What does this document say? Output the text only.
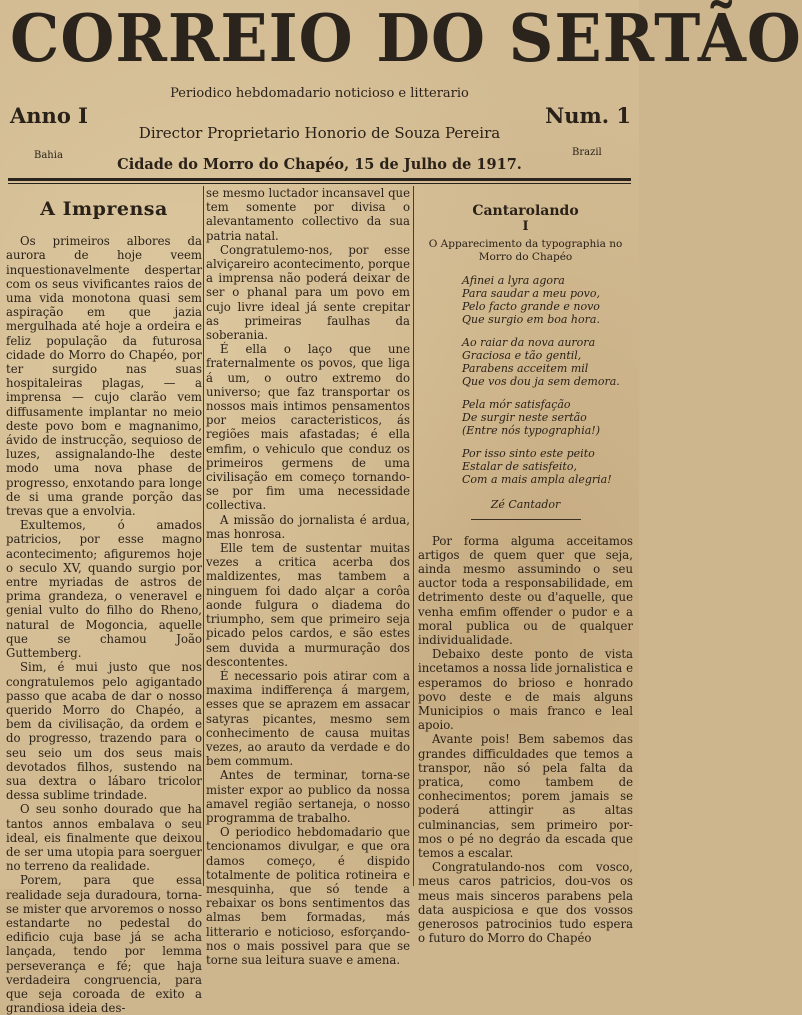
CORREIO DO SERTÃO
Periodico hebdomadario noticioso e litterario
Anno I	Num. 1
Director Proprietario Honorio de Souza Pereira
Bahia	Brazil
Cidade do Morro do Chapéo, 15 de Julho de 1917.
A Imprensa

Os primeiros albores da aurora de hoje veem inquestionavelmente despertar com os seus vivificantes raios de uma vida monotona quasi sem aspiração em que jazia mergulhada até hoje a ordeira e feliz população da futurosa cidade do Morro do Chapéo, por ter surgido nas suas hospitaleiras plagas, — a imprensa — cujo clarão vem diffusamente implantar no meio deste povo bom e magnanimo, ávido de instrucção, sequioso de luzes, assignalando-lhe deste modo uma nova phase de progresso, enxotando para longe de si uma grande porção das trevas que a envolvia.

Exultemos, ó amados patricios, por esse magno acontecimento; afiguremos hoje o seculo XV, quando surgio por entre myriadas de astros de prima grandeza, o veneravel e genial vulto do filho do Rheno, natural de Mogoncia, aquelle que se chamou João Guttemberg.

Sim, é mui justo que nos congratulemos pelo agigantado passo que acaba de dar o nosso querido Morro do Chapéo, a bem da civilisação, da ordem e do progresso, trazendo para o seu seio um dos seus mais devotados filhos, sustendo na sua dextra o lábaro tricolor dessa sublime trindade.

O seu sonho dourado que ha tantos annos embalava o seu ideal, eis finalmente que deixou de ser uma utopia para soerguer no terreno da realidade.

Porem, para que essa realidade seja duradoura, torna-se mister que arvoremos o nosso estandarte no pedestal do edificio cuja base já se acha lançada, tendo por lemma perseverança e fé; que haja verdadeira congruencia, para que seja coroada de exito a grandiosa ideia des-

se mesmo luctador incansavel que tem somente por divisa o alevantamento collectivo da sua patria natal.

Congratulemo-nos, por esse alviçareiro acontecimento, porque a imprensa não poderá deixar de ser o phanal para um povo em cujo livre ideal já sente crepitar as primeiras faulhas da soberania.

É ella o laço que une fraternalmente os povos, que liga á um, o outro extremo do universo; que faz transportar os nossos mais intimos pensamentos por meios caracteristicos, ás regiões mais afastadas; é ella emfim, o vehiculo que conduz os primeiros germens de uma civilisação em começo tornando-se por fim uma necessidade collectiva.

A missão do jornalista é ardua, mas honrosa.

Elle tem de sustentar muitas vezes a critica acerba dos maldizentes, mas tambem a ninguem foi dado alçar a corôa aonde fulgura o diadema do triumpho, sem que primeiro seja picado pelos cardos, e são estes sem duvida a murmuração dos descontentes.

É necessario pois atirar com a maxima indifferença á margem, esses que se aprazem em assacar satyras picantes, mesmo sem conhecimento de causa muitas vezes, ao arauto da verdade e do bem commum.

Antes de terminar, torna-se mister expor ao publico da nossa amavel região sertaneja, o nosso programma de trabalho.

O periodico hebdomadario que tencionamos divulgar, e que ora damos começo, é dispido totalmente de politica rotineira e mesquinha, que só tende a rebaixar os bons sentimentos das almas bem formadas, más litterario e noticioso, esforçando-nos o mais possivel para que se torne sua leitura suave e amena.

Cantarolando
I
O Apparecimento da typographia no Morro do Chapéo
Afinei a lyra agora
Para saudar a meu povo,
Pelo facto grande e novo
Que surgio em boa hora.
Ao raiar da nova aurora
Graciosa e tão gentil,
Parabens acceitem mil
Que vos dou ja sem demora.
Pela mór satisfação
De surgir neste sertão
(Entre nós typographia!)
Por isso sinto este peito
Estalar de satisfeito,
Com a mais ampla alegria!
Zé Cantador

Por forma alguma acceitamos artigos de quem quer que seja, ainda mesmo assumindo o seu auctor toda a responsabilidade, em detrimento deste ou d'aquelle, que venha emfim offender o pudor e a moral publica ou de qualquer individualidade.

Debaixo deste ponto de vista incetamos a nossa lide jornalistica e esperamos do brioso e honrado povo deste e de mais alguns Municipios o mais franco e leal apoio.

Avante pois! Bem sabemos das grandes difficuldades que temos a transpor, não só pela falta da pratica, como tambem de conhecimentos; porem jamais se poderá attingir as altas culminancias, sem primeiro por-mos o pé no degráo da escada que temos a escalar.

Congratulando-nos com vosco, meus caros patricios, dou-vos os meus mais sinceros parabens pela data auspiciosa e que dos vossos generosos patrocinios tudo espera o futuro do Morro do Chapéo
